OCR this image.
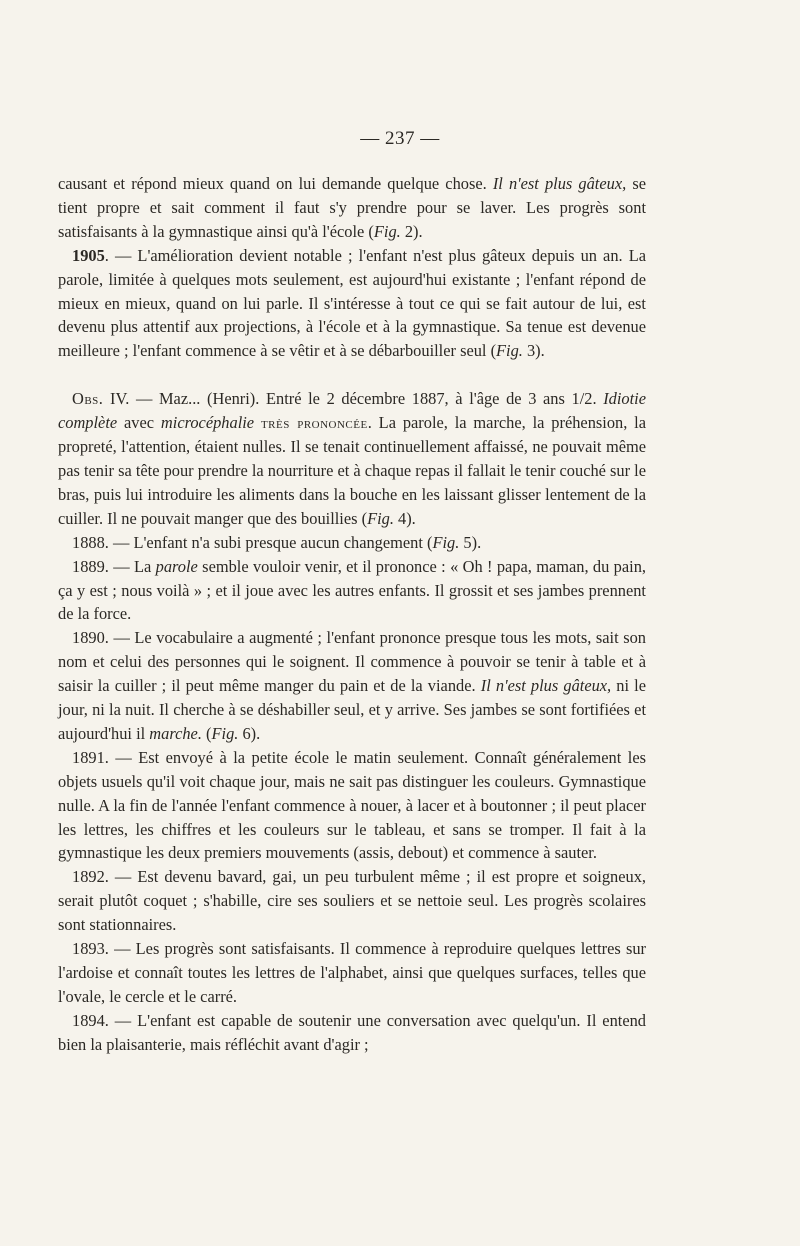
— 237 —

causant et répond mieux quand on lui demande quelque chose. Il n'est plus gâteux, se tient propre et sait comment il faut s'y prendre pour se laver. Les progrès sont satisfaisants à la gymnastique ainsi qu'à l'école (Fig. 2).

1905. — L'amélioration devient notable ; l'enfant n'est plus gâteux depuis un an. La parole, limitée à quelques mots seulement, est aujourd'hui existante ; l'enfant répond de mieux en mieux, quand on lui parle. Il s'intéresse à tout ce qui se fait autour de lui, est devenu plus attentif aux projections, à l'école et à la gymnastique. Sa tenue est devenue meilleure ; l'enfant commence à se vêtir et à se débarbouiller seul (Fig. 3).

Obs. IV. — Maz... (Henri). Entré le 2 décembre 1887, à l'âge de 3 ans 1/2. Idiotie complète avec microcéphalie très prononcée. La parole, la marche, la préhension, la propreté, l'attention, étaient nulles. Il se tenait continuellement affaissé, ne pouvait même pas tenir sa tête pour prendre la nourriture et à chaque repas il fallait le tenir couché sur le bras, puis lui introduire les aliments dans la bouche en les laissant glisser lentement de la cuiller. Il ne pouvait manger que des bouillies (Fig. 4).

1888. — L'enfant n'a subi presque aucun changement (Fig. 5).

1889. — La parole semble vouloir venir, et il prononce : « Oh ! papa, maman, du pain, ça y est ; nous voilà » ; et il joue avec les autres enfants. Il grossit et ses jambes prennent de la force.

1890. — Le vocabulaire a augmenté ; l'enfant prononce presque tous les mots, sait son nom et celui des personnes qui le soignent. Il commence à pouvoir se tenir à table et à saisir la cuiller ; il peut même manger du pain et de la viande. Il n'est plus gâteux, ni le jour, ni la nuit. Il cherche à se déshabiller seul, et y arrive. Ses jambes se sont fortifiées et aujourd'hui il marche. (Fig. 6).

1891. — Est envoyé à la petite école le matin seulement. Connaît généralement les objets usuels qu'il voit chaque jour, mais ne sait pas distinguer les couleurs. Gymnastique nulle. A la fin de l'année l'enfant commence à nouer, à lacer et à boutonner ; il peut placer les lettres, les chiffres et les couleurs sur le tableau, et sans se tromper. Il fait à la gymnastique les deux premiers mouvements (assis, debout) et commence à sauter.

1892. — Est devenu bavard, gai, un peu turbulent même ; il est propre et soigneux, serait plutôt coquet ; s'habille, cire ses souliers et se nettoie seul. Les progrès scolaires sont stationnaires.

1893. — Les progrès sont satisfaisants. Il commence à reproduire quelques lettres sur l'ardoise et connaît toutes les lettres de l'alphabet, ainsi que quelques surfaces, telles que l'ovale, le cercle et le carré.

1894. — L'enfant est capable de soutenir une conversation avec quelqu'un. Il entend bien la plaisanterie, mais réfléchit avant d'agir ;
